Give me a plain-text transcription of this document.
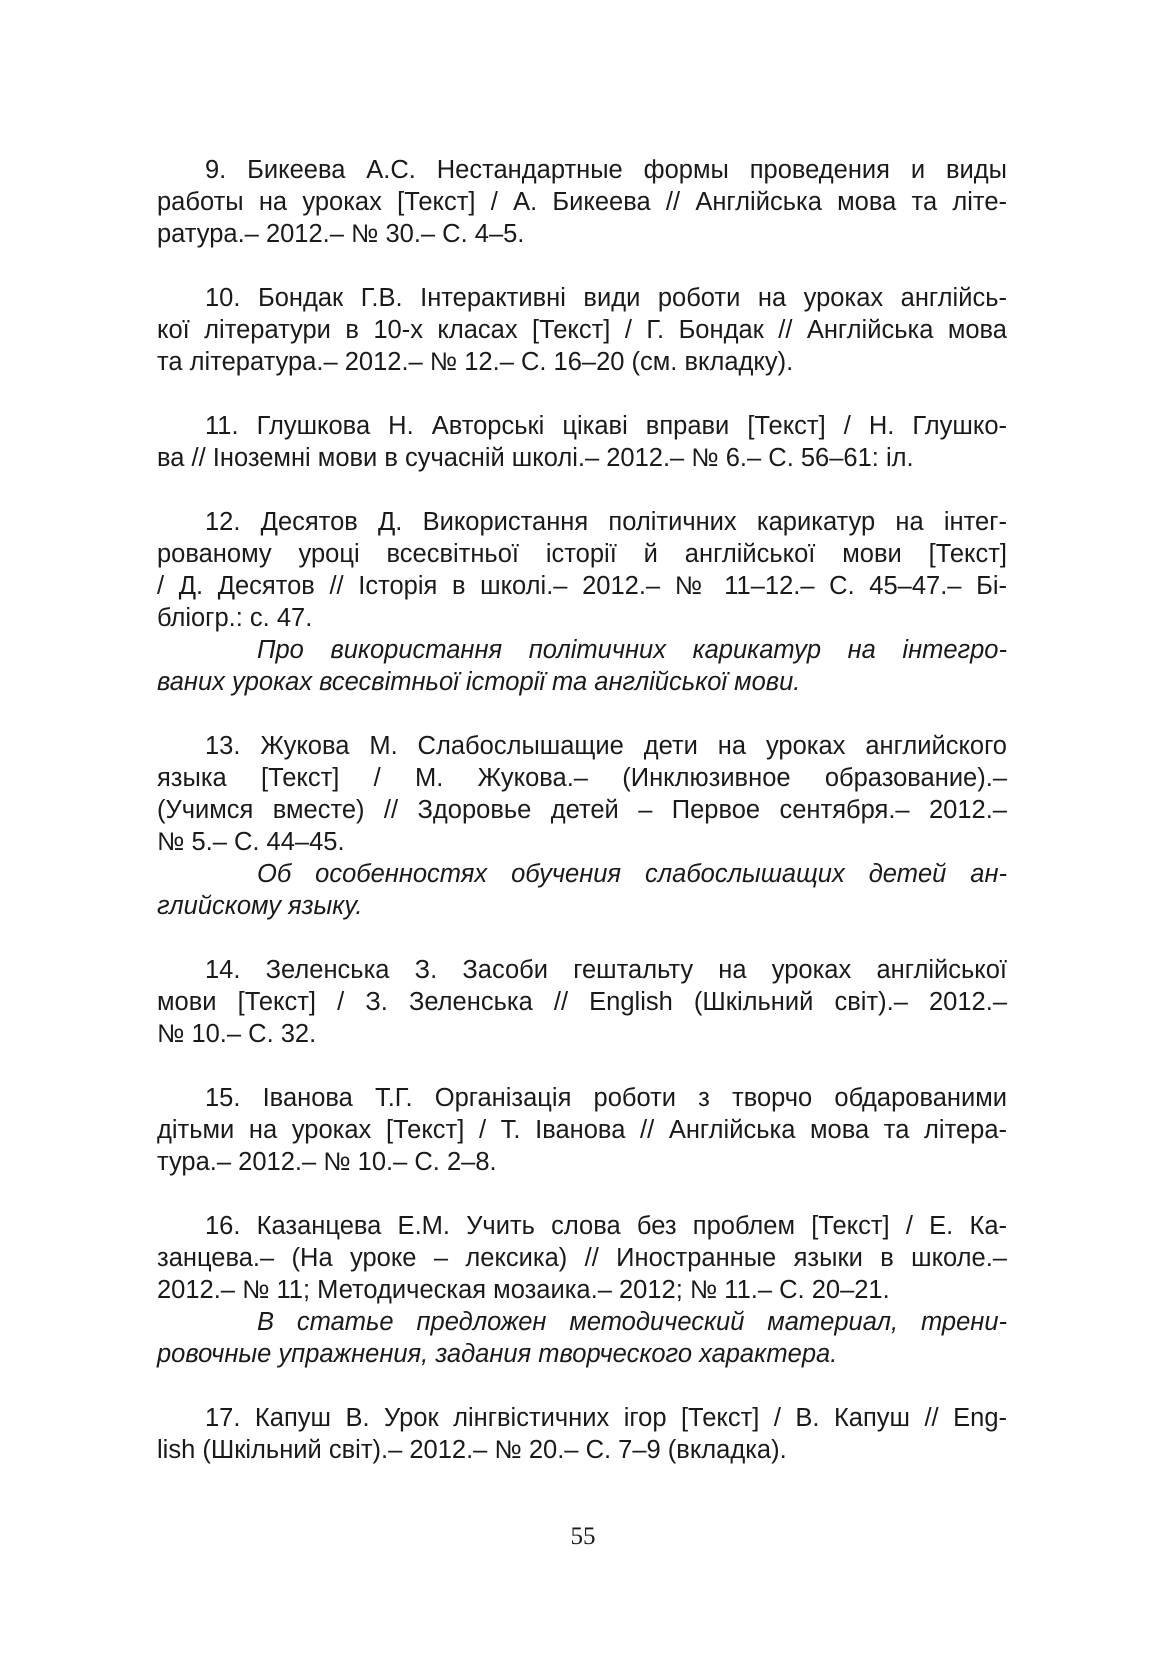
9. Бикеева А.С. Нестандартные формы проведения и виды
работы на уроках [Текст] / А. Бикеева // Англійська мова та літе-
ратура.– 2012.– № 30.– С. 4–5.
10. Бондак Г.В. Інтерактивні види роботи на уроках англійсь-
кої літератури в 10-х класах [Текст] / Г. Бондак // Англійська мова
та література.– 2012.– № 12.– С. 16–20 (см. вкладку).
11. Глушкова Н. Авторські цікаві вправи [Текст] / Н. Глушко-
ва // Іноземні мови в сучасній школі.– 2012.– № 6.– С. 56–61: іл.
12. Десятов Д. Використання політичних карикатур на інтег-
рованому уроці всесвітньої історії й англійської мови [Текст]
/ Д. Десятов // Історія в школі.– 2012.– № 11–12.– С. 45–47.– Бі-
бліогр.: с. 47.
Про використання політичних карикатур на інтегро-
ваних уроках всесвітньої історії та англійської мови.
13. Жукова М. Слабослышащие дети на уроках английского
языка [Текст] / М. Жукова.– (Инклюзивное образование).–
(Учимся вместе) // Здоровье детей – Первое сентября.– 2012.–
№ 5.– С. 44–45.
Об особенностях обучения слабослышащих детей ан-
глийскому языку.
14. Зеленська З. Засоби гештальту на уроках англійської
мови [Текст] / З. Зеленська // English (Шкільний світ).– 2012.–
№ 10.– С. 32.
15. Іванова Т.Г. Організація роботи з творчо обдарованими
дітьми на уроках [Текст] / Т. Іванова // Англійська мова та літера-
тура.– 2012.– № 10.– С. 2–8.
16. Казанцева Е.М. Учить слова без проблем [Текст] / Е. Ка-
занцева.– (На уроке – лексика) // Иностранные языки в школе.–
2012.– № 11; Методическая мозаика.– 2012; № 11.– С. 20–21.
В статье предложен методический материал, трени-
ровочные упражнения, задания творческого характера.
17. Капуш В. Урок лінгвістичних ігор [Текст] / В. Капуш // Eng-
lish (Шкільний світ).– 2012.– № 20.– С. 7–9 (вкладка).
55
